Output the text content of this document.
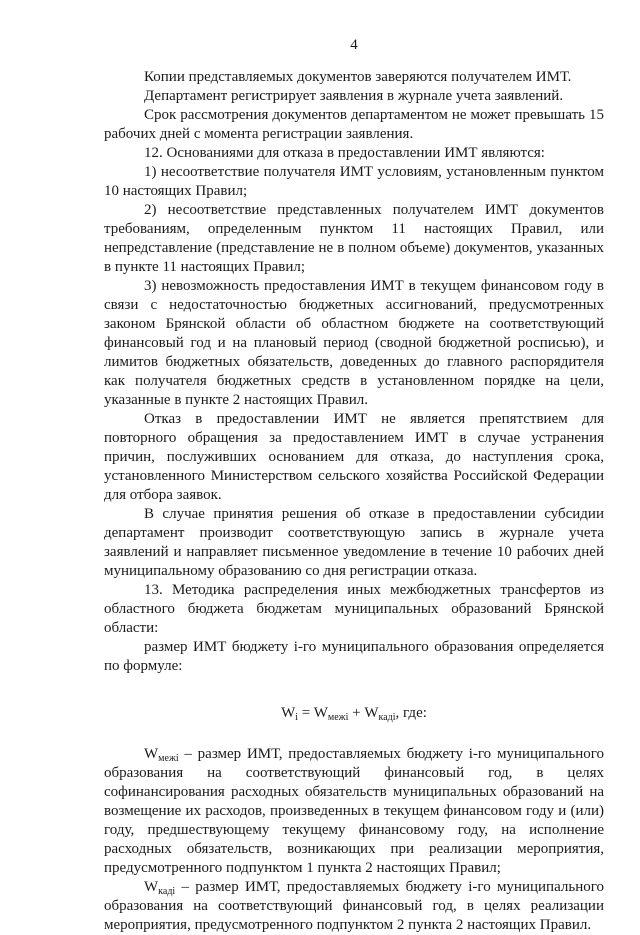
4

Копии представляемых документов заверяются получателем ИМТ.

Департамент регистрирует заявления в журнале учета заявлений.

Срок рассмотрения документов департаментом не может превышать 15 рабочих дней с момента регистрации заявления.

12. Основаниями для отказа в предоставлении ИМТ являются:

1) несоответствие получателя ИМТ условиям, установленным пунктом 10 настоящих Правил;

2) несоответствие представленных получателем ИМТ документов требованиям, определенным пунктом 11 настоящих Правил, или непредставление (представление не в полном объеме) документов, указанных в пункте 11 настоящих Правил;

3) невозможность предоставления ИМТ в текущем финансовом году в связи с недостаточностью бюджетных ассигнований, предусмотренных законом Брянской области об областном бюджете на соответствующий финансовый год и на плановый период (сводной бюджетной росписью), и лимитов бюджетных обязательств, доведенных до главного распорядителя как получателя бюджетных средств в установленном порядке на цели, указанные в пункте 2 настоящих Правил.

Отказ в предоставлении ИМТ не является препятствием для повторного обращения за предоставлением ИМТ в случае устранения причин, послуживших основанием для отказа, до наступления срока, установленного Министерством сельского хозяйства Российской Федерации для отбора заявок.

В случае принятия решения об отказе в предоставлении субсидии департамент производит соответствующую запись в журнале учета заявлений и направляет письменное уведомление в течение 10 рабочих дней муниципальному образованию со дня регистрации отказа.

13. Методика распределения иных межбюджетных трансфертов из областного бюджета бюджетам муниципальных образований Брянской области:

размер ИМТ бюджету i-го муниципального образования определяется по формуле:

$W_i = W_{межі} + W_{кадi}$, где:

$W_{межі}$ – размер ИМТ, предоставляемых бюджету i-го муниципального образования на соответствующий финансовый год, в целях софинансирования расходных обязательств муниципальных образований на возмещение их расходов, произведенных в текущем финансовом году и (или) году, предшествующему текущему финансовому году, на исполнение расходных обязательств, возникающих при реализации мероприятия, предусмотренного подпунктом 1 пункта 2 настоящих Правил;

$W_{кадi}$ – размер ИМТ, предоставляемых бюджету i-го муниципального образования на соответствующий финансовый год, в целях реализации мероприятия, предусмотренного подпунктом 2 пункта 2 настоящих Правил.
